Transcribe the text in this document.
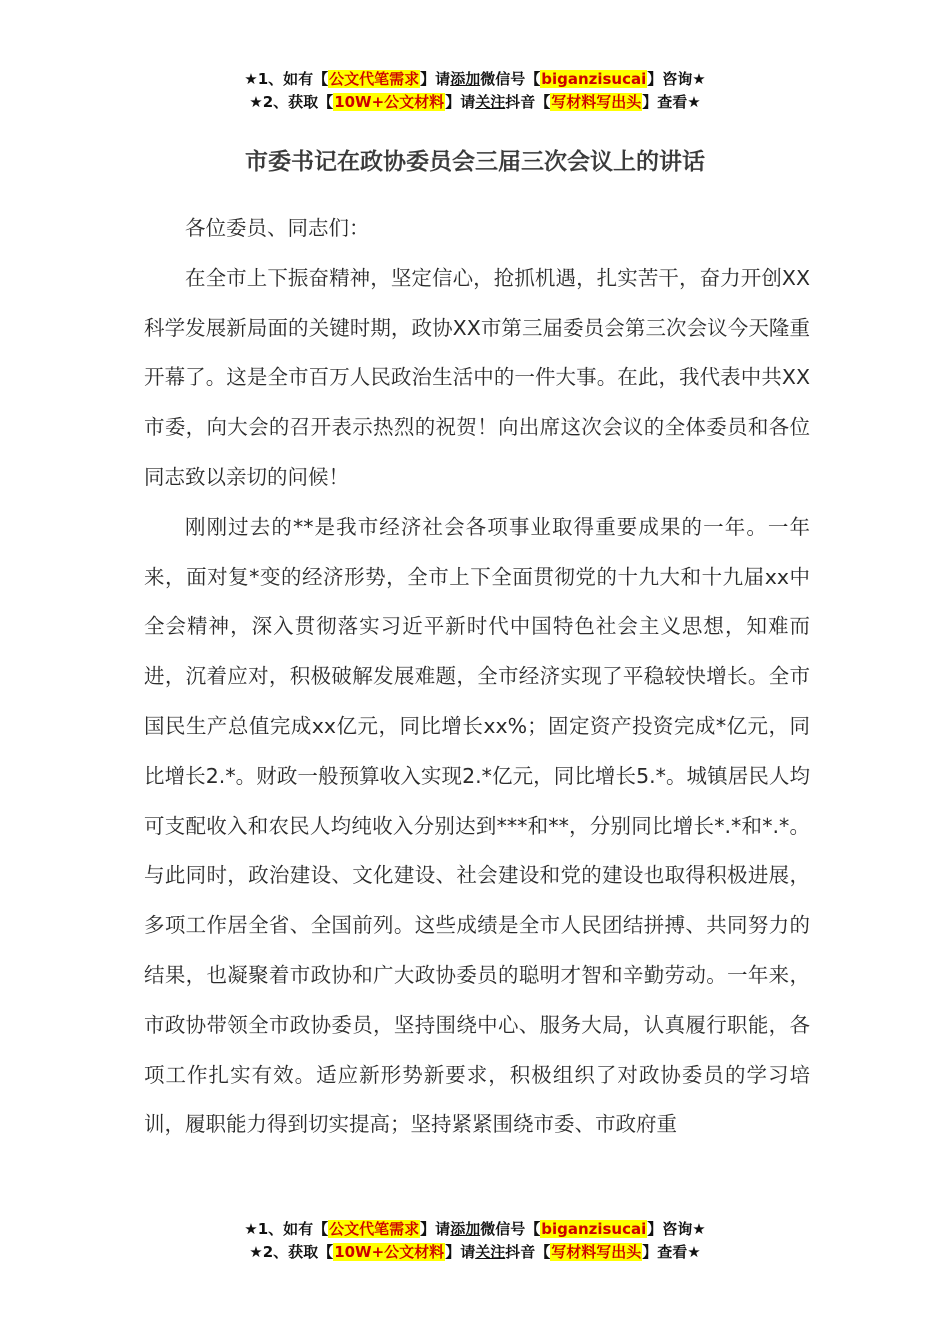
★1、如有【公文代笔需求】请添加微信号【biganzisucai】咨询★
★2、获取【10W+公文材料】请关注抖音【写材料写出头】查看★
市委书记在政协委员会三届三次会议上的讲话

各位委员、同志们：

在全市上下振奋精神，坚定信心，抢抓机遇，扎实苦干，奋力开创XX科学发展新局面的关键时期，政协XX市第三届委员会第三次会议今天隆重开幕了。这是全市百万人民政治生活中的一件大事。在此，我代表中共XX市委，向大会的召开表示热烈的祝贺！向出席这次会议的全体委员和各位同志致以亲切的问候！

刚刚过去的**是我市经济社会各项事业取得重要成果的一年。一年来，面对复*变的经济形势，全市上下全面贯彻党的十九大和十九届xx中全会精神，深入贯彻落实习近平新时代中国特色社会主义思想，知难而进，沉着应对，积极破解发展难题，全市经济实现了平稳较快增长。全市国民生产总值完成xx亿元，同比增长xx%；固定资产投资完成*亿元，同比增长2.*。财政一般预算收入实现2.*亿元，同比增长5.*。城镇居民人均可支配收入和农民人均纯收入分别达到***和**，分别同比增长*.*和*.*。与此同时，政治建设、文化建设、社会建设和党的建设也取得积极进展，多项工作居全省、全国前列。这些成绩是全市人民团结拼搏、共同努力的结果，也凝聚着市政协和广大政协委员的聪明才智和辛勤劳动。一年来，市政协带领全市政协委员，坚持围绕中心、服务大局，认真履行职能，各项工作扎实有效。适应新形势新要求，积极组织了对政协委员的学习培训，履职能力得到切实提高；坚持紧紧围绕市委、市政府重

★1、如有【公文代笔需求】请添加微信号【biganzisucai】咨询★
★2、获取【10W+公文材料】请关注抖音【写材料写出头】查看★
